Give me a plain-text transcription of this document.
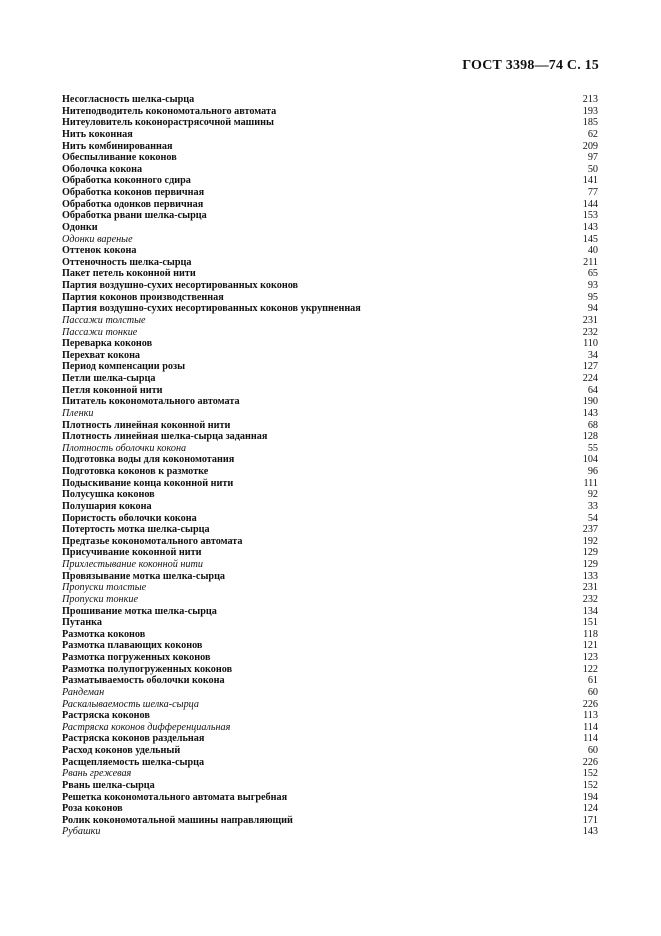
ГОСТ 3398—74 С. 15
Несогласность шелка-сырца	213
Нитеподводитель кокономотального автомата	193
Нитеуловитель коконорастрясочной машины	185
Нить коконная	62
Нить комбинированная	209
Обеспыливание коконов	97
Оболочка кокона	50
Обработка коконного сдира	141
Обработка коконов первичная	77
Обработка одонков первичная	144
Обработка рвани шелка-сырца	153
Одонки	143
Одонки вареные	145
Оттенок кокона	40
Оттеночность шелка-сырца	211
Пакет петель коконной нити	65
Партия воздушно-сухих несортированных коконов	93
Партия коконов производственная	95
Партия воздушно-сухих несортированных коконов укрупненная	94
Пассажи толстые	231
Пассажи тонкие	232
Переварка коконов	110
Перехват кокона	34
Период компенсации розы	127
Петли шелка-сырца	224
Петля коконной нити	64
Питатель кокономотального автомата	190
Пленки	143
Плотность линейная коконной нити	68
Плотность линейная шелка-сырца заданная	128
Плотность оболочки кокона	55
Подготовка воды для кокономотания	104
Подготовка коконов к размотке	96
Подыскивание конца коконной нити	111
Полусушка коконов	92
Полушария кокона	33
Пористость оболочки кокона	54
Потертость мотка шелка-сырца	237
Предтазье кокономотального автомата	192
Присучивание коконной нити	129
Прихлестывание коконной нити	129
Провязывание мотка шелка-сырца	133
Пропуски толстые	231
Пропуски тонкие	232
Прошивание мотка шелка-сырца	134
Путанка	151
Размотка коконов	118
Размотка плавающих коконов	121
Размотка погруженных коконов	123
Размотка полупогруженных коконов	122
Разматываемость оболочки кокона	61
Рандеман	60
Раскалываемость шелка-сырца	226
Растряска коконов	113
Растряска коконов дифференциальная	114
Растряска коконов раздельная	114
Расход коконов удельный	60
Расщепляемость шелка-сырца	226
Рвань грежевая	152
Рвань шелка-сырца	152
Решетка кокономотального автомата выгребная	194
Роза коконов	124
Ролик кокономотальной машины направляющий	171
Рубашки	143
